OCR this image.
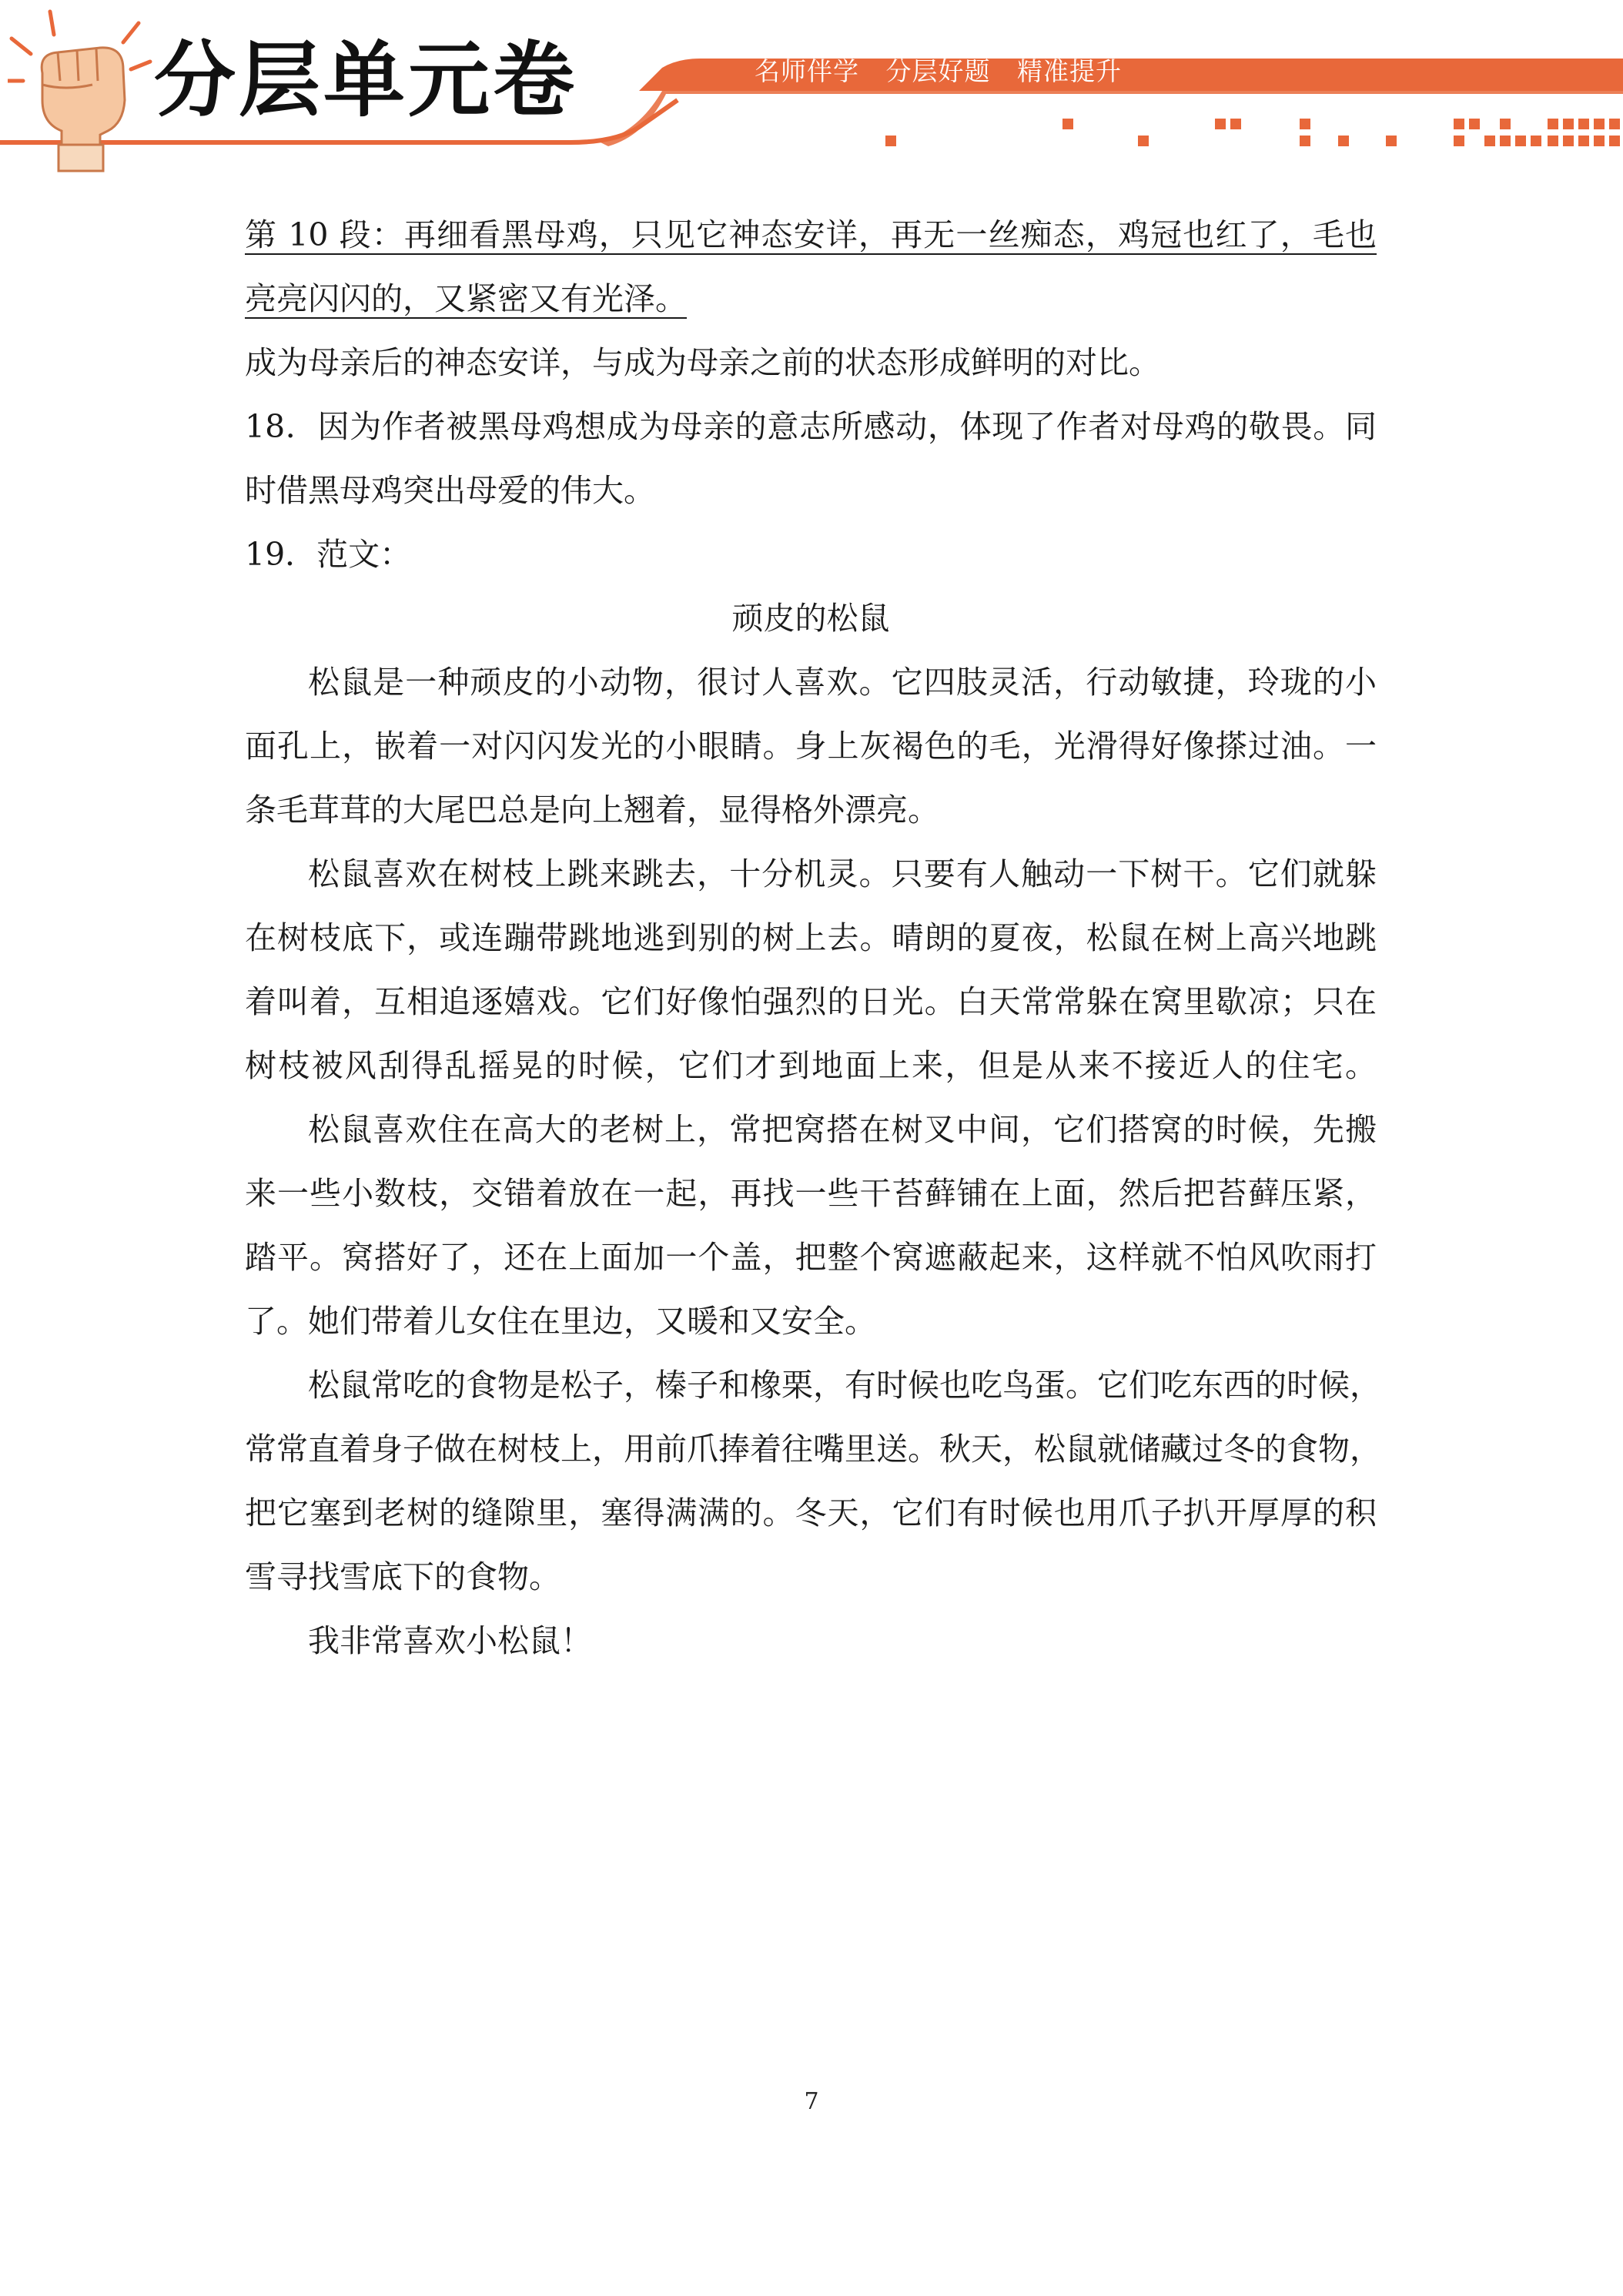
分层单元卷	名师伴学   分层好题   精准提升

第 10 段：再细看黑母鸡，只见它神态安详，再无一丝痴态，鸡冠也红了，毛也

亮亮闪闪的，又紧密又有光泽。

成为母亲后的神态安详，与成为母亲之前的状态形成鲜明的对比。

18．因为作者被黑母鸡想成为母亲的意志所感动，体现了作者对母鸡的敬畏。同

时借黑母鸡突出母爱的伟大。

19．范文：

顽皮的松鼠

松鼠是一种顽皮的小动物，很讨人喜欢。它四肢灵活，行动敏捷，玲珑的小

面孔上，嵌着一对闪闪发光的小眼睛。身上灰褐色的毛，光滑得好像搽过油。一

条毛茸茸的大尾巴总是向上翘着，显得格外漂亮。

松鼠喜欢在树枝上跳来跳去，十分机灵。只要有人触动一下树干。它们就躲

在树枝底下，或连蹦带跳地逃到别的树上去。晴朗的夏夜，松鼠在树上高兴地跳

着叫着，互相追逐嬉戏。它们好像怕强烈的日光。白天常常躲在窝里歇凉；只在

树枝被风刮得乱摇晃的时候，它们才到地面上来，但是从来不接近人的住宅。

松鼠喜欢住在高大的老树上，常把窝搭在树叉中间，它们搭窝的时候，先搬

来一些小数枝，交错着放在一起，再找一些干苔藓铺在上面，然后把苔藓压紧，

踏平。窝搭好了，还在上面加一个盖，把整个窝遮蔽起来，这样就不怕风吹雨打

了。她们带着儿女住在里边，又暖和又安全。

松鼠常吃的食物是松子，榛子和橡栗，有时候也吃鸟蛋。它们吃东西的时候，

常常直着身子做在树枝上，用前爪捧着往嘴里送。秋天，松鼠就储藏过冬的食物，

把它塞到老树的缝隙里，塞得满满的。冬天，它们有时候也用爪子扒开厚厚的积

雪寻找雪底下的食物。

我非常喜欢小松鼠！

7
